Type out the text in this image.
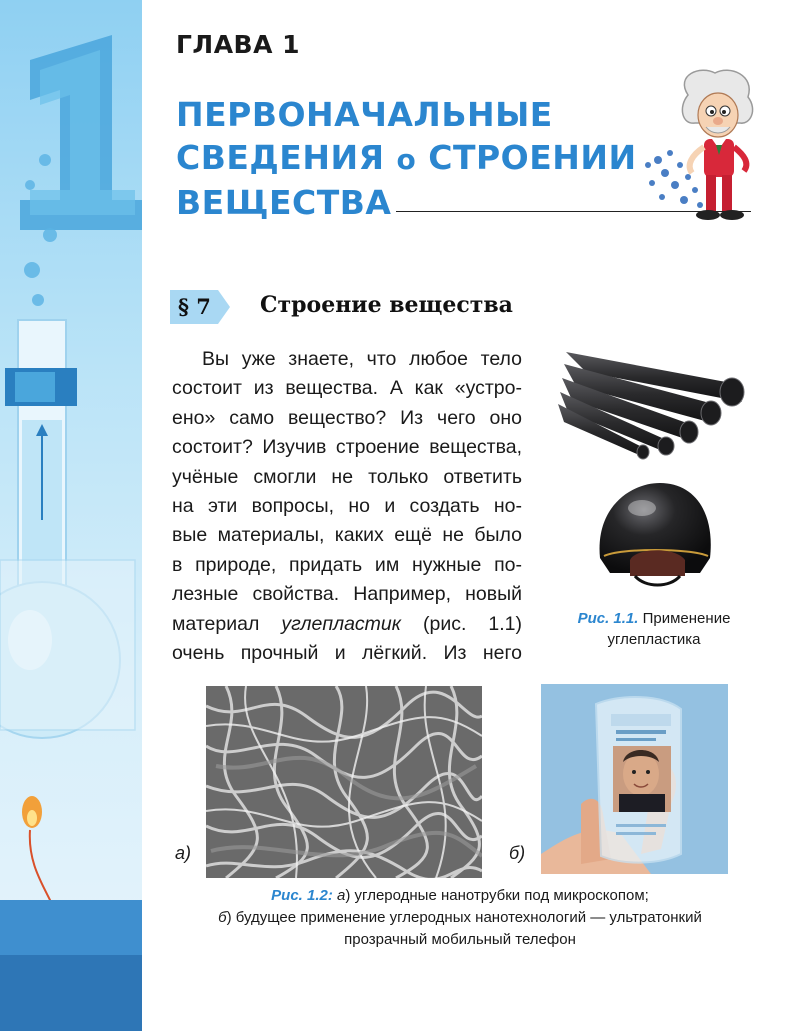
ГЛАВА 1
ПЕРВОНАЧАЛЬНЫЕ
СВЕДЕНИЯ о СТРОЕНИИ
ВЕЩЕСТВА
§ 7 Строение вещества
Вы уже знаете, что любое тело
состоит из вещества. А как «устро-
ено» само вещество? Из чего оно
состоит? Изучив строение вещества,
учёные смогли не только ответить
на эти вопросы, но и создать но-
вые материалы, каких ещё не было
в природе, придать им нужные по-
лезные свойства. Например, новый
материал углепластик (рис. 1.1)
очень прочный и лёгкий. Из него
Рис. 1.1. Применение
углепластика
а)	б)
Рис. 1.2: а) углеродные нанотрубки под микроскопом;
б) будущее применение углеродных нанотехнологий — ультратонкий
прозрачный мобильный телефон
